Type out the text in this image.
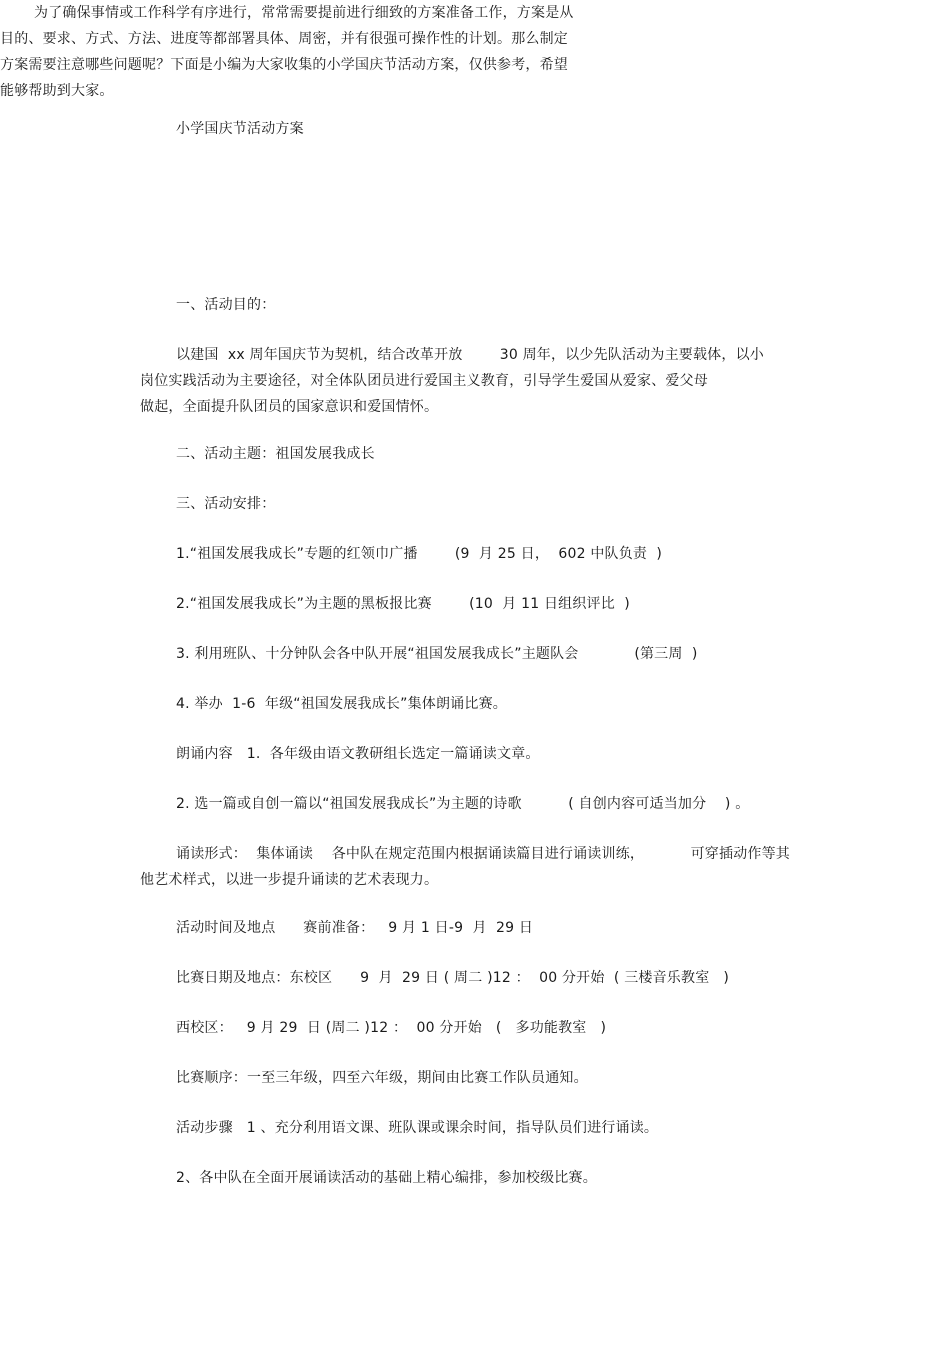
小学国庆节活动方案
为了确保事情或工作科学有序进行，常常需要提前进行细致的方案准备工作，方案是从
目的、要求、方式、方法、进度等都部署具体、周密，并有很强可操作性的计划。那么制定
方案需要注意哪些问题呢？下面是小编为大家收集的小学国庆节活动方案，仅供参考，希望
能够帮助到大家。
一、活动目的：
以建国  xx 周年国庆节为契机，结合改革开放        30 周年，以少先队活动为主要载体，以小
岗位实践活动为主要途径，对全体队团员进行爱国主义教育，引导学生爱国从爱家、爱父母
做起，全面提升队团员的国家意识和爱国情怀。
二、活动主题：祖国发展我成长
三、活动安排：
1.“祖国发展我成长”专题的红领巾广播        (9  月 25 日，  602 中队负责  )
2.“祖国发展我成长”为主题的黑板报比赛        (10  月 11 日组织评比  )
3. 利用班队、十分钟队会各中队开展“祖国发展我成长”主题队会            (第三周  )
4. 举办  1-6  年级“祖国发展我成长”集体朗诵比赛。
朗诵内容   1.  各年级由语文教研组长选定一篇诵读文章。
2. 选一篇或自创一篇以“祖国发展我成长”为主题的诗歌          ( 自创内容可适当加分    ) 。
诵读形式：  集体诵读    各中队在规定范围内根据诵读篇目进行诵读训练，          可穿插动作等其
他艺术样式，以进一步提升诵读的艺术表现力。
活动时间及地点      赛前准备：   9 月 1 日-9  月  29 日
比赛日期及地点：东校区      9  月  29 日 ( 周二 )12 ：  00 分开始  ( 三楼音乐教室   )
西校区：   9 月 29  日 (周二 )12 ：  00 分开始   (   多功能教室   )
比赛顺序：一至三年级，四至六年级，期间由比赛工作队员通知。
活动步骤   1 、充分利用语文课、班队课或课余时间，指导队员们进行诵读。
2、各中队在全面开展诵读活动的基础上精心编排，参加校级比赛。
